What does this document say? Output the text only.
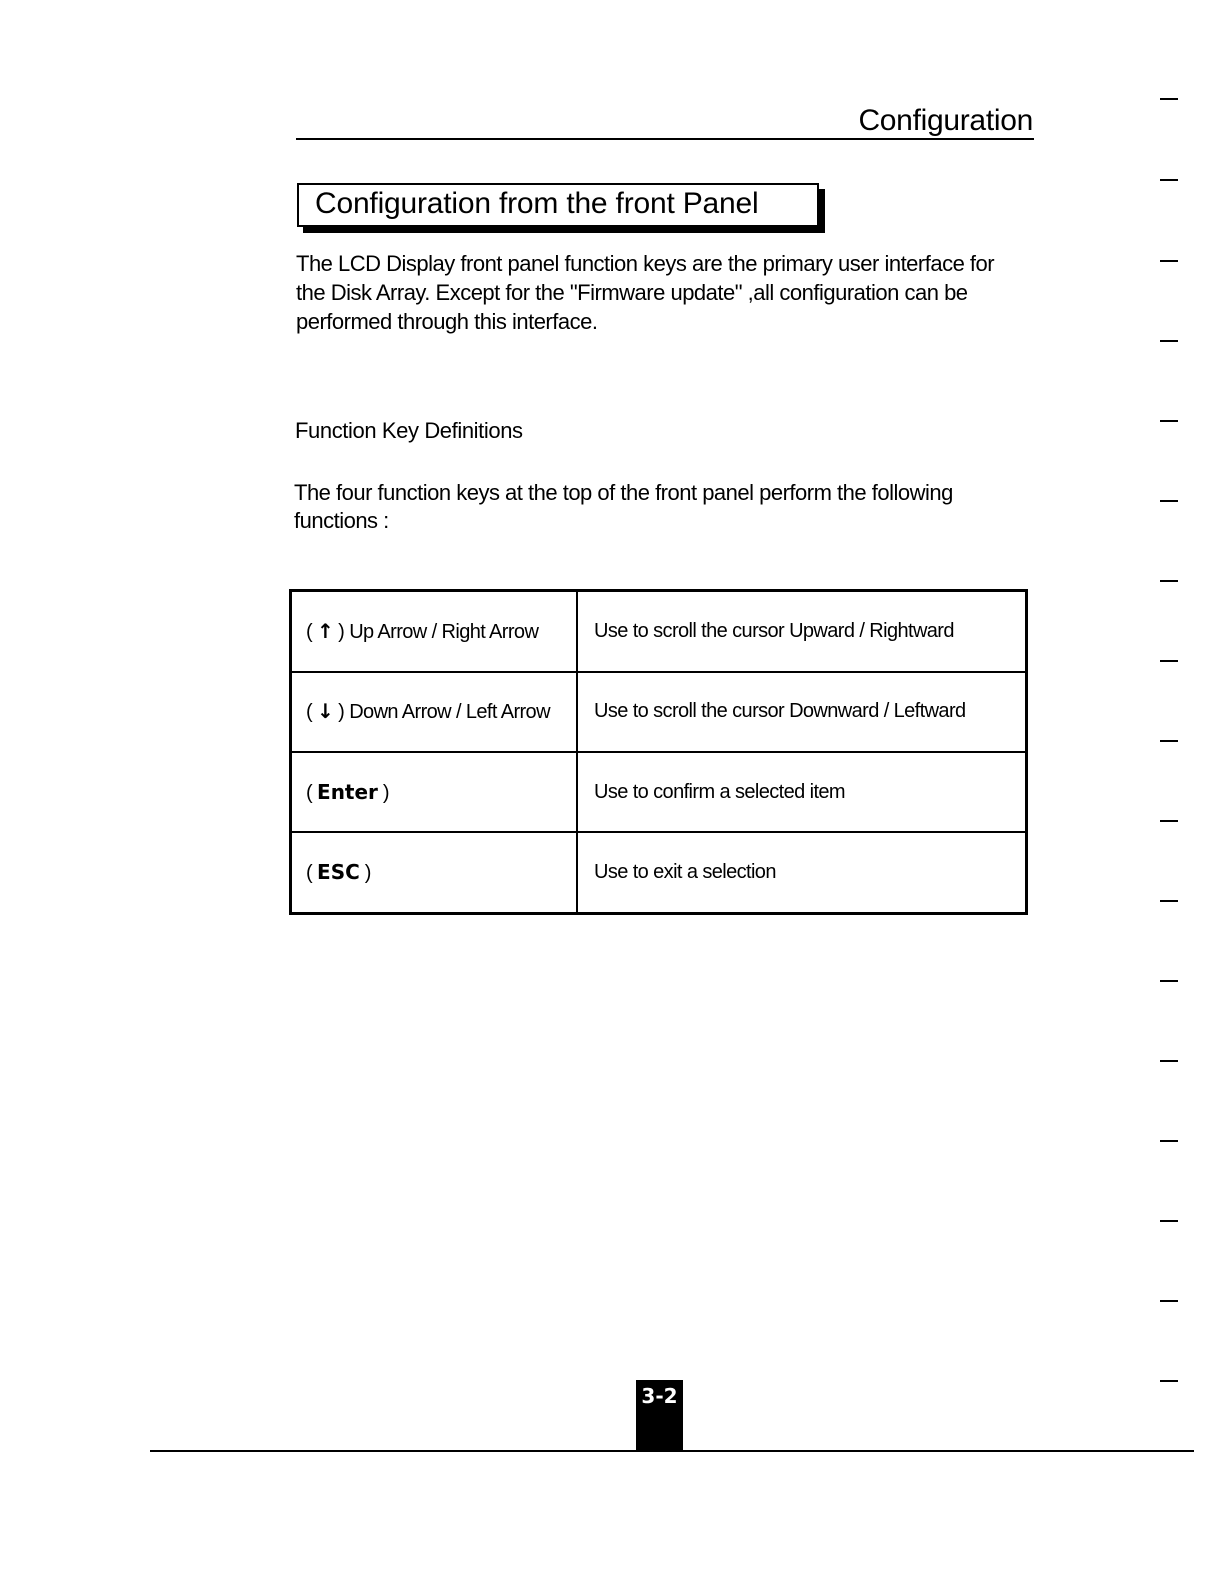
Configuration
Configuration from the front Panel

The LCD Display front panel function keys are the primary user interface for the Disk Array. Except for the "Firmware update" ,all configuration can be performed through this interface.

Function Key Definitions

The four function keys at the top of the front panel perform the following functions :

( ↑ ) Up Arrow / Right Arrow	Use to scroll the cursor Upward / Rightward
( ↓ ) Down Arrow / Left Arrow	Use to scroll the cursor Downward / Leftward
( Enter )	Use to confirm a selected item
( ESC )	Use to exit a selection
3-2
